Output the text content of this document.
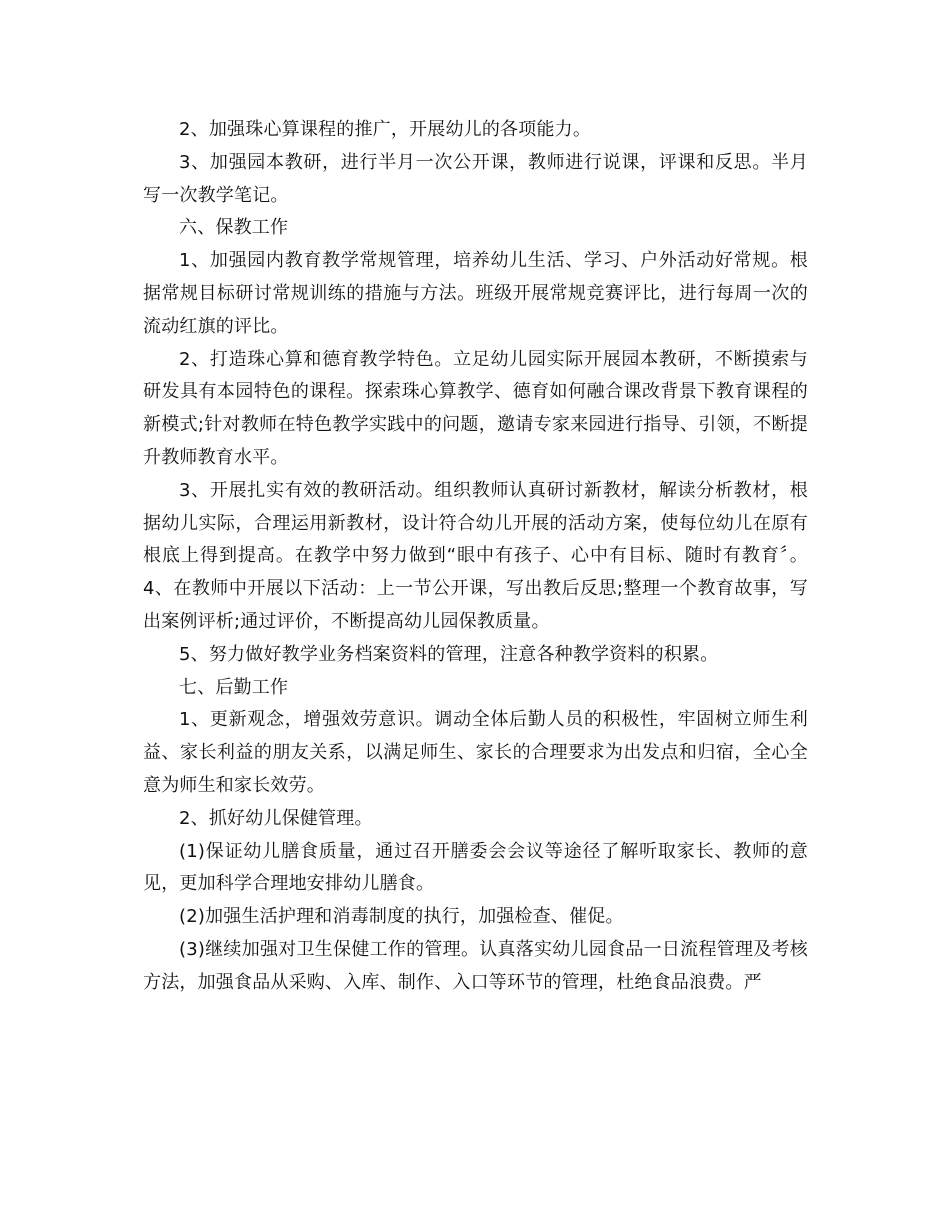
2、加强珠心算课程的推广，开展幼儿的各项能力。

3、加强园本教研，进行半月一次公开课，教师进行说课，评课和反思。半月写一次教学笔记。

六、保教工作

1、加强园内教育教学常规管理，培养幼儿生活、学习、户外活动好常规。根据常规目标研讨常规训练的措施与方法。班级开展常规竞赛评比，进行每周一次的流动红旗的评比。

2、打造珠心算和德育教学特色。立足幼儿园实际开展园本教研，不断摸索与研发具有本园特色的课程。探索珠心算教学、德育如何融合课改背景下教育课程的新模式;针对教师在特色教学实践中的问题，邀请专家来园进行指导、引领，不断提升教师教育水平。

3、开展扎实有效的教研活动。组织教师认真研讨新教材，解读分析教材，根据幼儿实际，合理运用新教材，设计符合幼儿开展的活动方案，使每位幼儿在原有根底上得到提高。在教学中努力做到“眼中有孩子、心中有目标、随时有教育〞。 4、在教师中开展以下活动：上一节公开课，写出教后反思;整理一个教育故事，写出案例评析;通过评价，不断提高幼儿园保教质量。

5、努力做好教学业务档案资料的管理，注意各种教学资料的积累。

七、后勤工作

1、更新观念，增强效劳意识。调动全体后勤人员的积极性，牢固树立师生利益、家长利益的朋友关系，以满足师生、家长的合理要求为出发点和归宿，全心全意为师生和家长效劳。

2、抓好幼儿保健管理。

(1)保证幼儿膳食质量，通过召开膳委会会议等途径了解听取家长、教师的意见，更加科学合理地安排幼儿膳食。

(2)加强生活护理和消毒制度的执行，加强检查、催促。

(3)继续加强对卫生保健工作的管理。认真落实幼儿园食品一日流程管理及考核方法，加强食品从采购、入库、制作、入口等环节的管理，杜绝食品浪费。严
